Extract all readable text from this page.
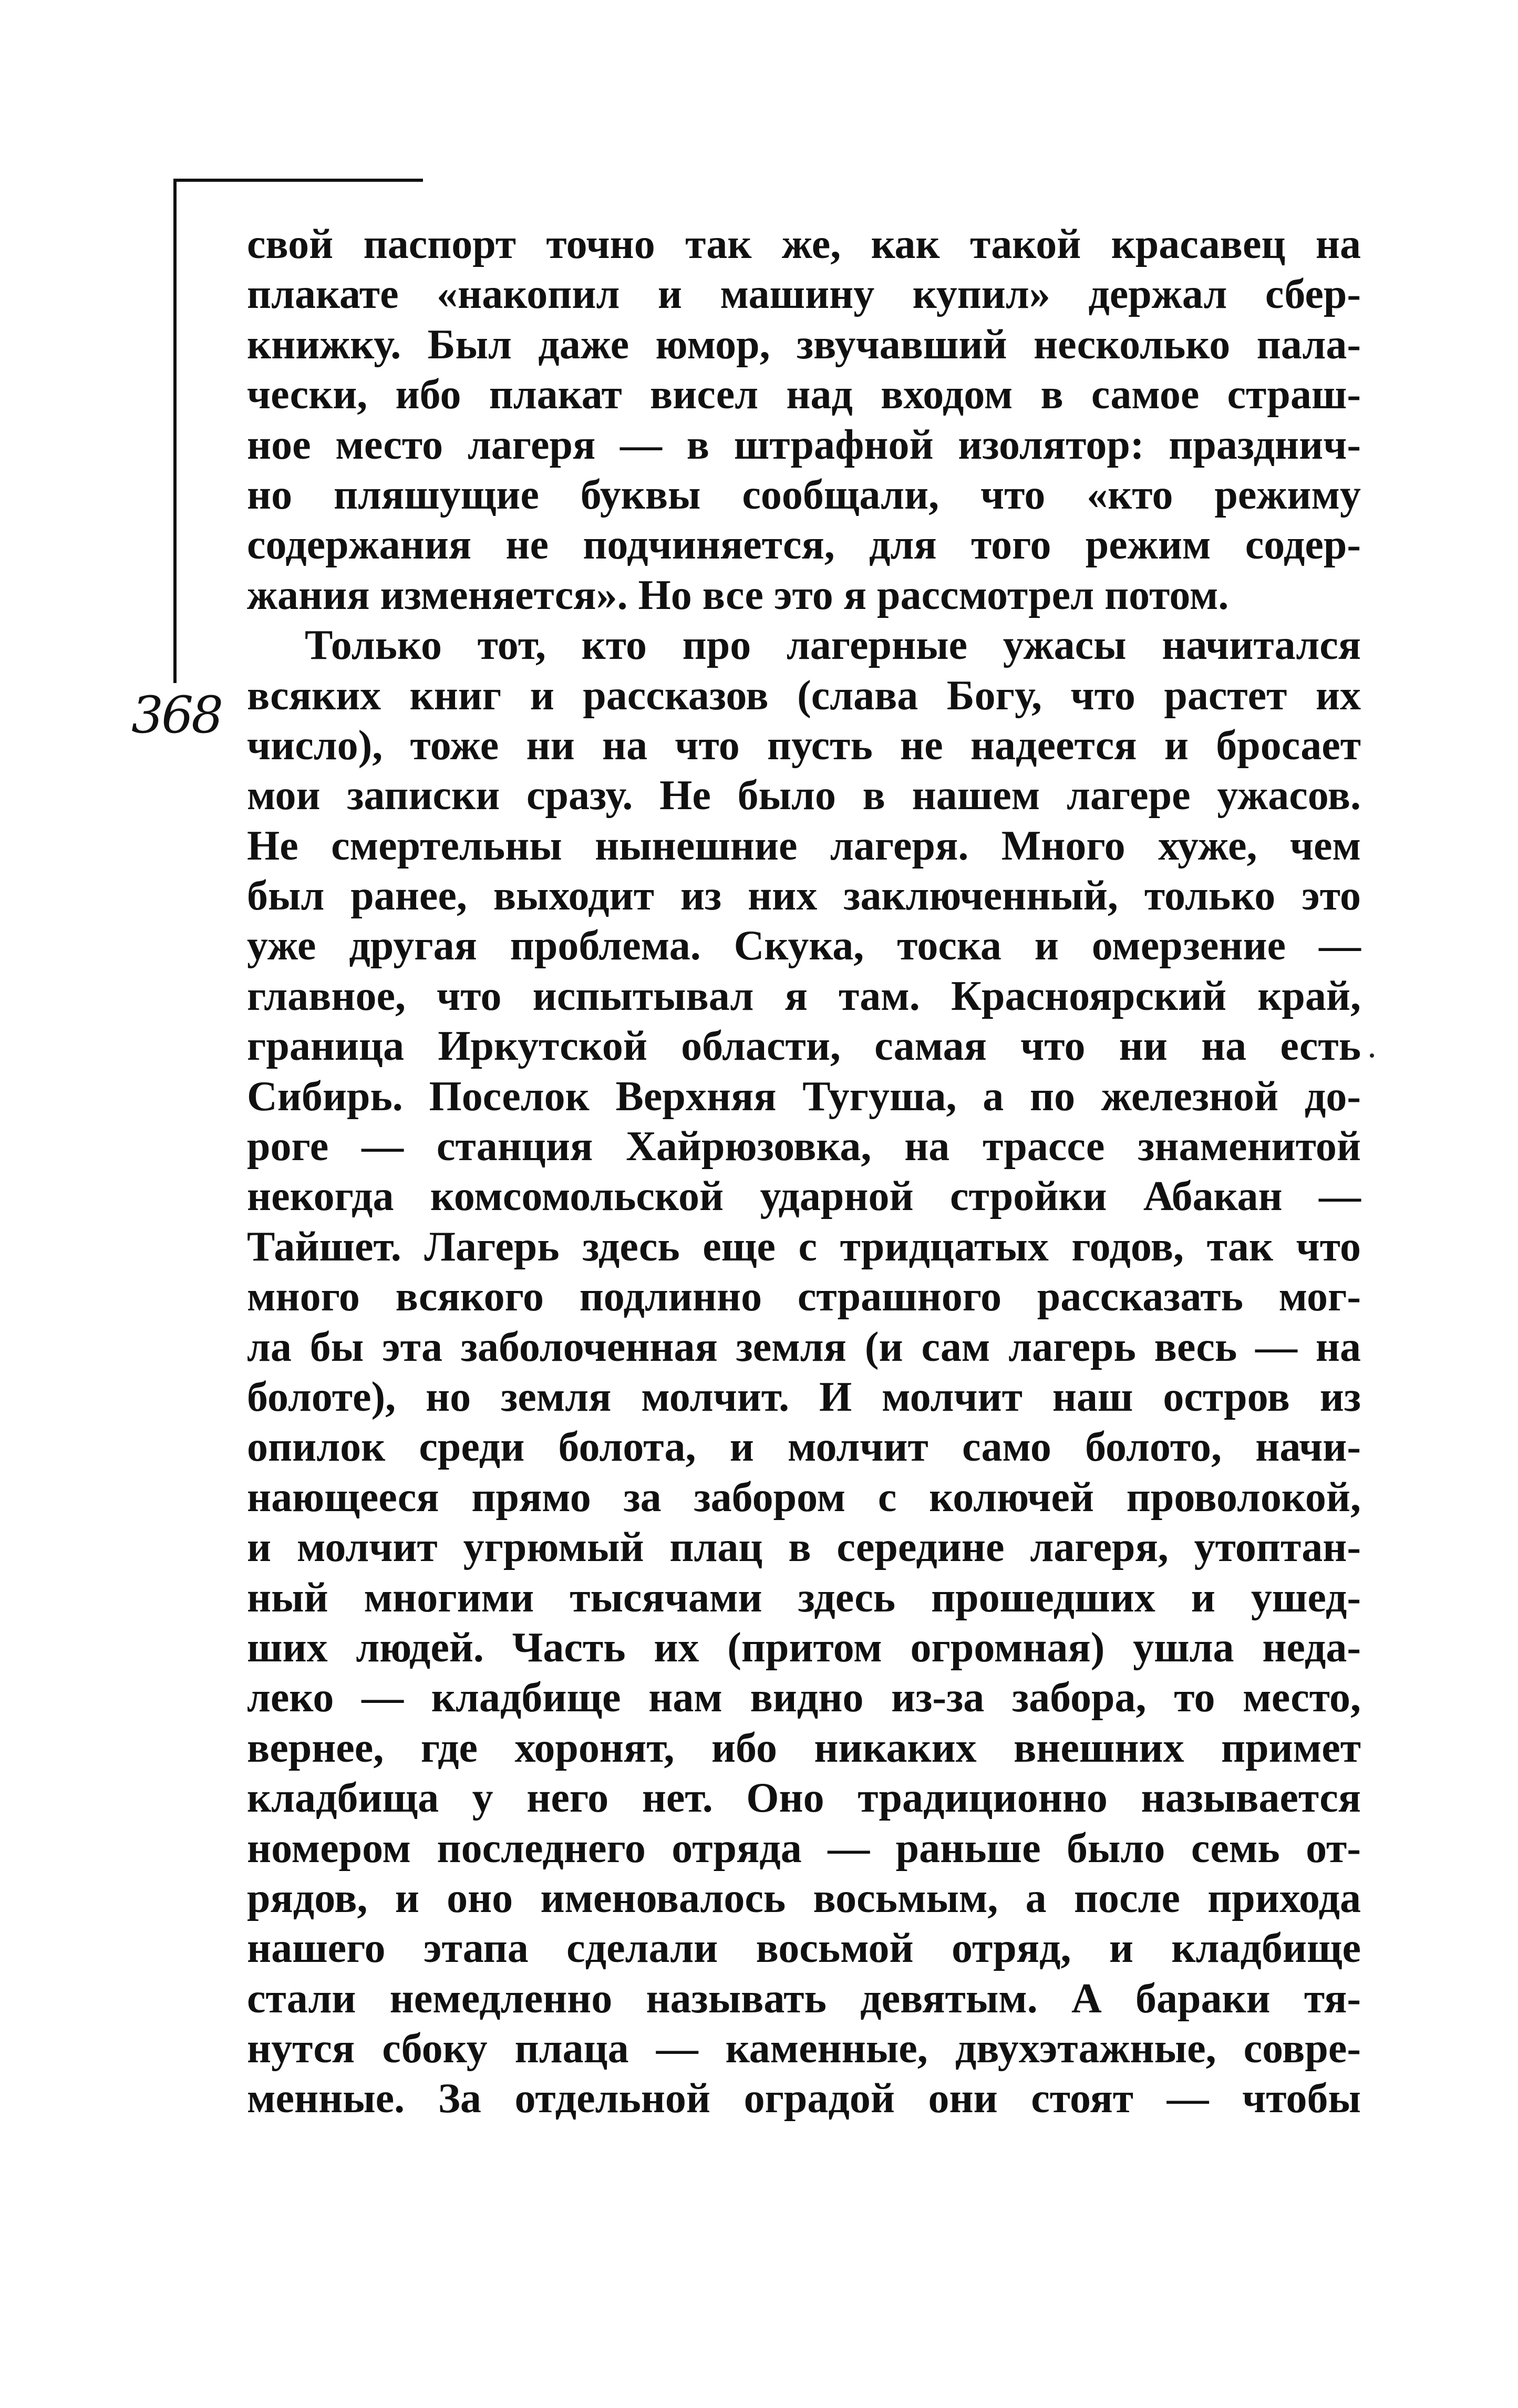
368
свой паспорт точно так же, как такой красавец на
плакате «накопил и машину купил» держал сбер-
книжку. Был даже юмор, звучавший несколько пала-
чески, ибо плакат висел над входом в самое страш-
ное место лагеря — в штрафной изолятор: празднич-
но пляшущие буквы сообщали, что «кто режиму
содержания не подчиняется, для того режим содер-
жания изменяется». Но все это я рассмотрел потом.
Только тот, кто про лагерные ужасы начитался
всяких книг и рассказов (слава Богу, что растет их
число), тоже ни на что пусть не надеется и бросает
мои записки сразу. Не было в нашем лагере ужасов.
Не смертельны нынешние лагеря. Много хуже, чем
был ранее, выходит из них заключенный, только это
уже другая проблема. Скука, тоска и омерзение —
главное, что испытывал я там. Красноярский край,
граница Иркутской области, самая что ни на есть
Сибирь. Поселок Верхняя Тугуша, а по железной до-
роге — станция Хайрюзовка, на трассе знаменитой
некогда комсомольской ударной стройки Абакан —
Тайшет. Лагерь здесь еще с тридцатых годов, так что
много всякого подлинно страшного рассказать мог-
ла бы эта заболоченная земля (и сам лагерь весь — на
болоте), но земля молчит. И молчит наш остров из
опилок среди болота, и молчит само болото, начи-
нающееся прямо за забором с колючей проволокой,
и молчит угрюмый плац в середине лагеря, утоптан-
ный многими тысячами здесь прошедших и ушед-
ших людей. Часть их (притом огромная) ушла неда-
леко — кладбище нам видно из-за забора, то место,
вернее, где хоронят, ибо никаких внешних примет
кладбища у него нет. Оно традиционно называется
номером последнего отряда — раньше было семь от-
рядов, и оно именовалось восьмым, а после прихода
нашего этапа сделали восьмой отряд, и кладбище
стали немедленно называть девятым. А бараки тя-
нутся сбоку плаца — каменные, двухэтажные, совре-
менные. За отдельной оградой они стоят — чтобы
